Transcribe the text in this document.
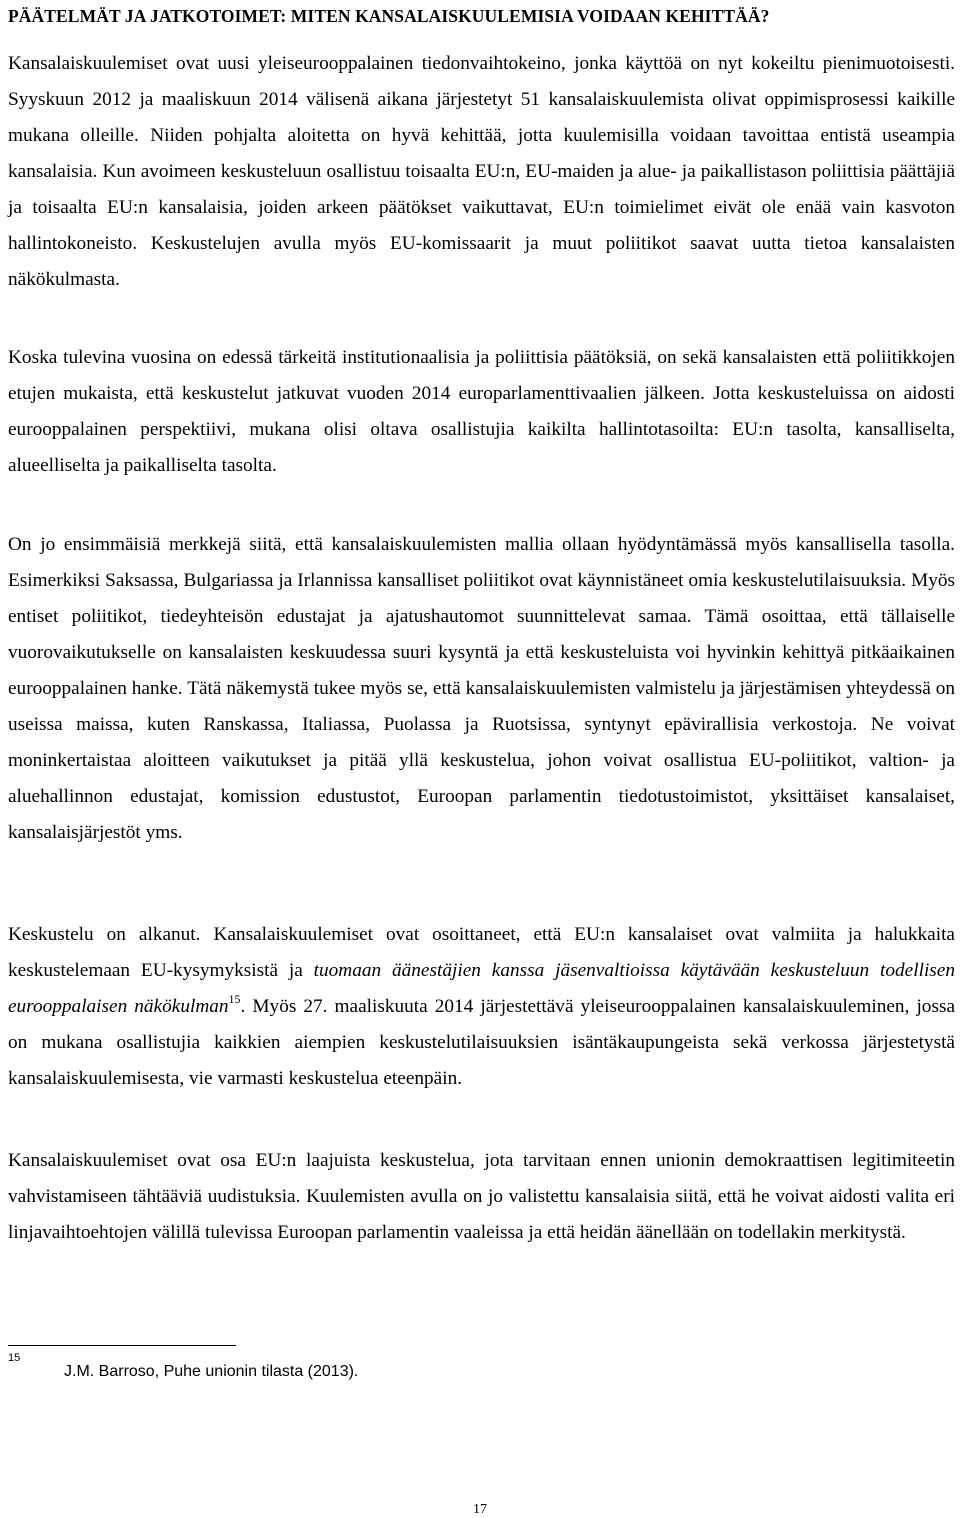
PÄÄTELMÄT JA JATKOTOIMET: MITEN KANSALAISKUULEMISIA VOIDAAN KEHITTÄÄ?

Kansalaiskuulemiset ovat uusi yleiseurooppalainen tiedonvaihtokeino, jonka käyttöä on nyt kokeiltu pienimuotoisesti. Syyskuun 2012 ja maaliskuun 2014 välisenä aikana järjestetyt 51 kansalaiskuulemista olivat oppimisprosessi kaikille mukana olleille. Niiden pohjalta aloitetta on hyvä kehittää, jotta kuulemisilla voidaan tavoittaa entistä useampia kansalaisia. Kun avoimeen keskusteluun osallistuu toisaalta EU:n, EU-maiden ja alue- ja paikallistason poliittisia päättäjiä ja toisaalta EU:n kansalaisia, joiden arkeen päätökset vaikuttavat, EU:n toimielimet eivät ole enää vain kasvoton hallintokoneisto. Keskustelujen avulla myös EU-komissaarit ja muut poliitikot saavat uutta tietoa kansalaisten näkökulmasta.

Koska tulevina vuosina on edessä tärkeitä institutionaalisia ja poliittisia päätöksiä, on sekä kansalaisten että poliitikkojen etujen mukaista, että keskustelut jatkuvat vuoden 2014 europarlamenttivaalien jälkeen. Jotta keskusteluissa on aidosti eurooppalainen perspektiivi, mukana olisi oltava osallistujia kaikilta hallintotasoilta: EU:n tasolta, kansalliselta, alueelliselta ja paikalliselta tasolta.

On jo ensimmäisiä merkkejä siitä, että kansalaiskuulemisten mallia ollaan hyödyntämässä myös kansallisella tasolla. Esimerkiksi Saksassa, Bulgariassa ja Irlannissa kansalliset poliitikot ovat käynnistäneet omia keskustelutilaisuuksia. Myös entiset poliitikot, tiedeyhteisön edustajat ja ajatushautomot suunnittelevat samaa. Tämä osoittaa, että tällaiselle vuorovaikutukselle on kansalaisten keskuudessa suuri kysyntä ja että keskusteluista voi hyvinkin kehittyä pitkäaikainen eurooppalainen hanke. Tätä näkemystä tukee myös se, että kansalaiskuulemisten valmistelu ja järjestämisen yhteydessä on useissa maissa, kuten Ranskassa, Italiassa, Puolassa ja Ruotsissa, syntynyt epävirallisia verkostoja. Ne voivat moninkertaistaa aloitteen vaikutukset ja pitää yllä keskustelua, johon voivat osallistua EU-poliitikot, valtion- ja aluehallinnon edustajat, komission edustustot, Euroopan parlamentin tiedotustoimistot, yksittäiset kansalaiset, kansalaisjärjestöt yms.

Keskustelu on alkanut. Kansalaiskuulemiset ovat osoittaneet, että EU:n kansalaiset ovat valmiita ja halukkaita keskustelemaan EU-kysymyksistä ja tuomaan äänestäjien kanssa jäsenvaltioissa käytävään keskusteluun todellisen eurooppalaisen näkökulman$^{15}$. Myös 27. maaliskuuta 2014 järjestettävä yleiseurooppalainen kansalaiskuuleminen, jossa on mukana osallistujia kaikkien aiempien keskustelutilaisuuksien isäntäkaupungeista sekä verkossa järjestetystä kansalaiskuulemisesta, vie varmasti keskustelua eteenpäin.

Kansalaiskuulemiset ovat osa EU:n laajuista keskustelua, jota tarvitaan ennen unionin demokraattisen legitimiteetin vahvistamiseen tähtääviä uudistuksia. Kuulemisten avulla on jo valistettu kansalaisia siitä, että he voivat aidosti valita eri linjavaihtoehtojen välillä tulevissa Euroopan parlamentin vaaleissa ja että heidän äänellään on todellakin merkitystä.

15
J.M. Barroso, Puhe unionin tilasta (2013).
17
